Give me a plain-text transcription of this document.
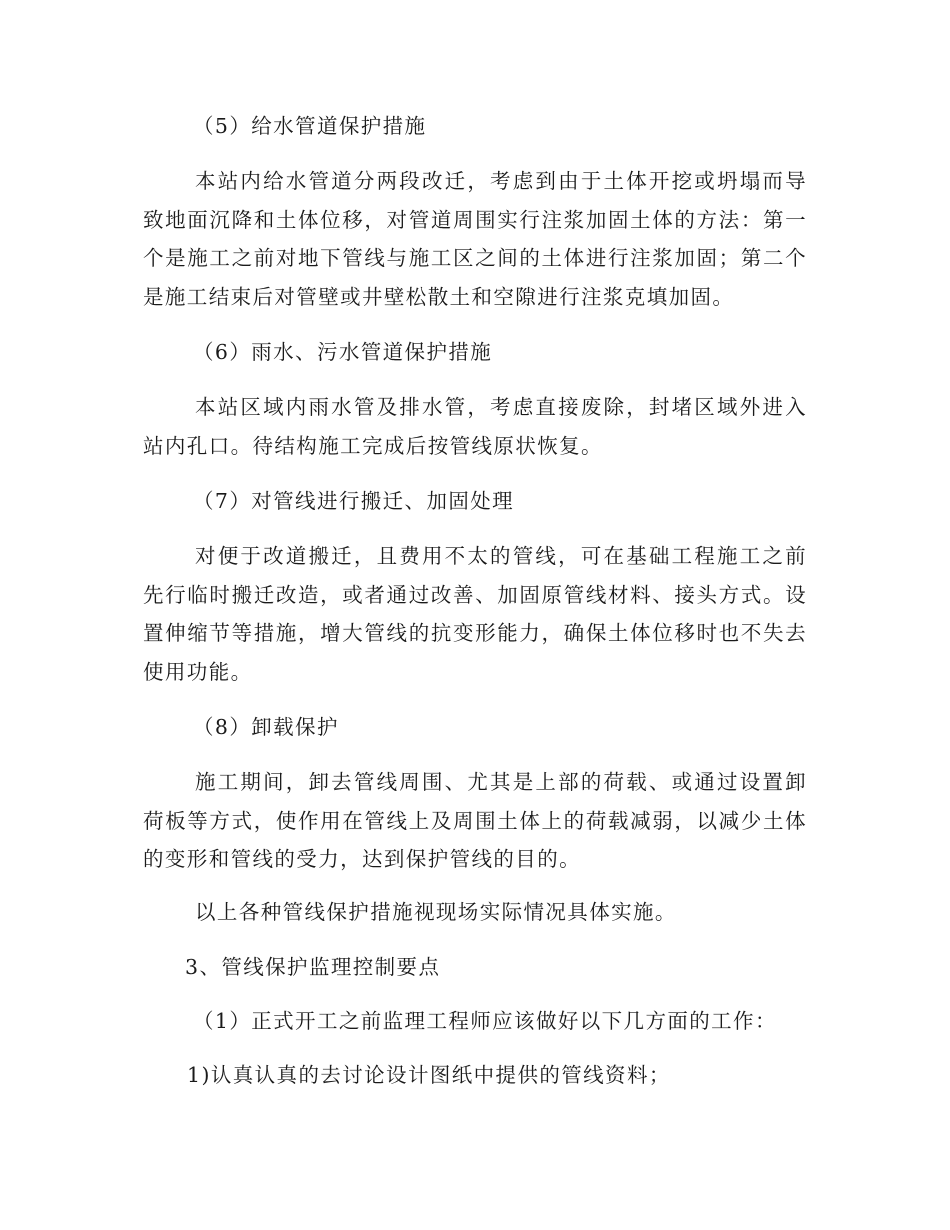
（5）给水管道保护措施

本站内给水管道分两段改迁，考虑到由于土体开挖或坍塌而导致地面沉降和土体位移，对管道周围实行注浆加固土体的方法：第一个是施工之前对地下管线与施工区之间的土体进行注浆加固；第二个是施工结束后对管壁或井壁松散土和空隙进行注浆克填加固。

（6）雨水、污水管道保护措施

本站区域内雨水管及排水管，考虑直接废除，封堵区域外进入站内孔口。待结构施工完成后按管线原状恢复。

（7）对管线进行搬迁、加固处理

对便于改道搬迁，且费用不太的管线，可在基础工程施工之前先行临时搬迁改造，或者通过改善、加固原管线材料、接头方式。设置伸缩节等措施，增大管线的抗变形能力，确保土体位移时也不失去使用功能。

（8）卸载保护

施工期间，卸去管线周围、尤其是上部的荷载、或通过设置卸荷板等方式，使作用在管线上及周围土体上的荷载减弱，以减少土体的变形和管线的受力，达到保护管线的目的。

以上各种管线保护措施视现场实际情况具体实施。

3、管线保护监理控制要点

（1）正式开工之前监理工程师应该做好以下几方面的工作：

1)认真认真的去讨论设计图纸中提供的管线资料；
